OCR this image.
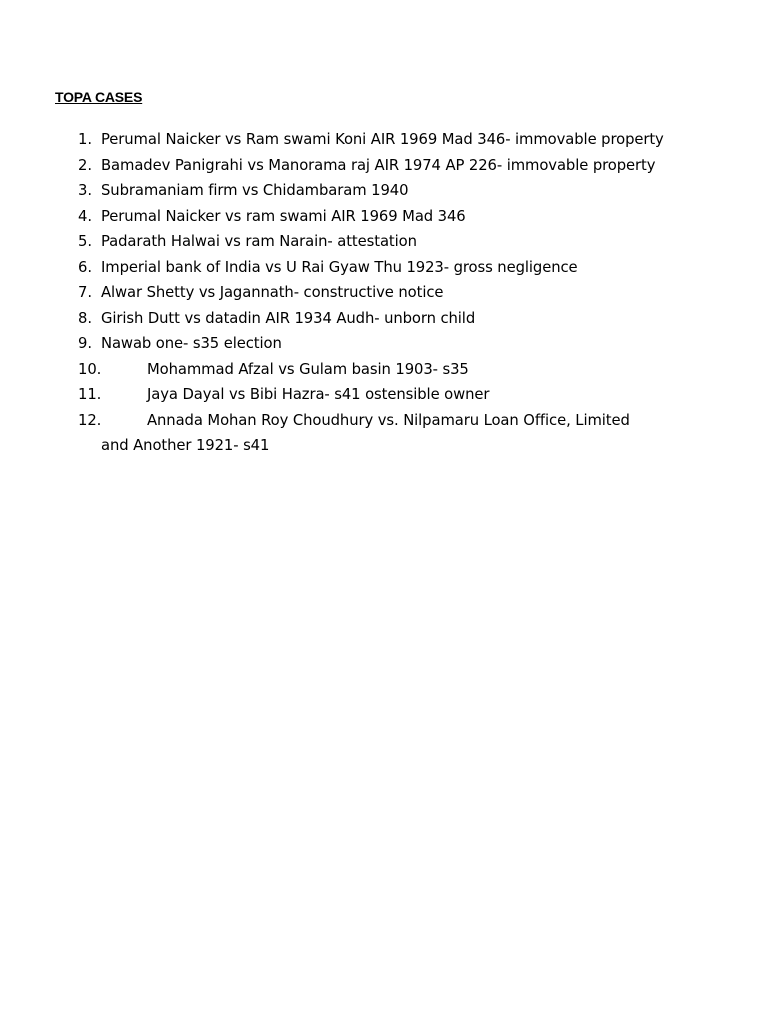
TOPA CASES
1. Perumal Naicker vs Ram swami Koni AIR 1969 Mad 346- immovable property
2. Bamadev Panigrahi vs Manorama raj AIR 1974 AP 226- immovable property
3. Subramaniam firm vs Chidambaram 1940
4. Perumal Naicker vs ram swami AIR 1969 Mad 346
5. Padarath Halwai vs ram Narain- attestation
6. Imperial bank of India vs U Rai Gyaw Thu 1923- gross negligence
7. Alwar Shetty vs Jagannath- constructive notice
8. Girish Dutt vs datadin AIR 1934 Audh- unborn child
9. Nawab one- s35 election
10.	Mohammad Afzal vs Gulam basin 1903- s35
11.	Jaya Dayal vs Bibi Hazra- s41 ostensible owner
12.	Annada Mohan Roy Choudhury vs. Nilpamaru Loan Office, Limited and Another 1921- s41
